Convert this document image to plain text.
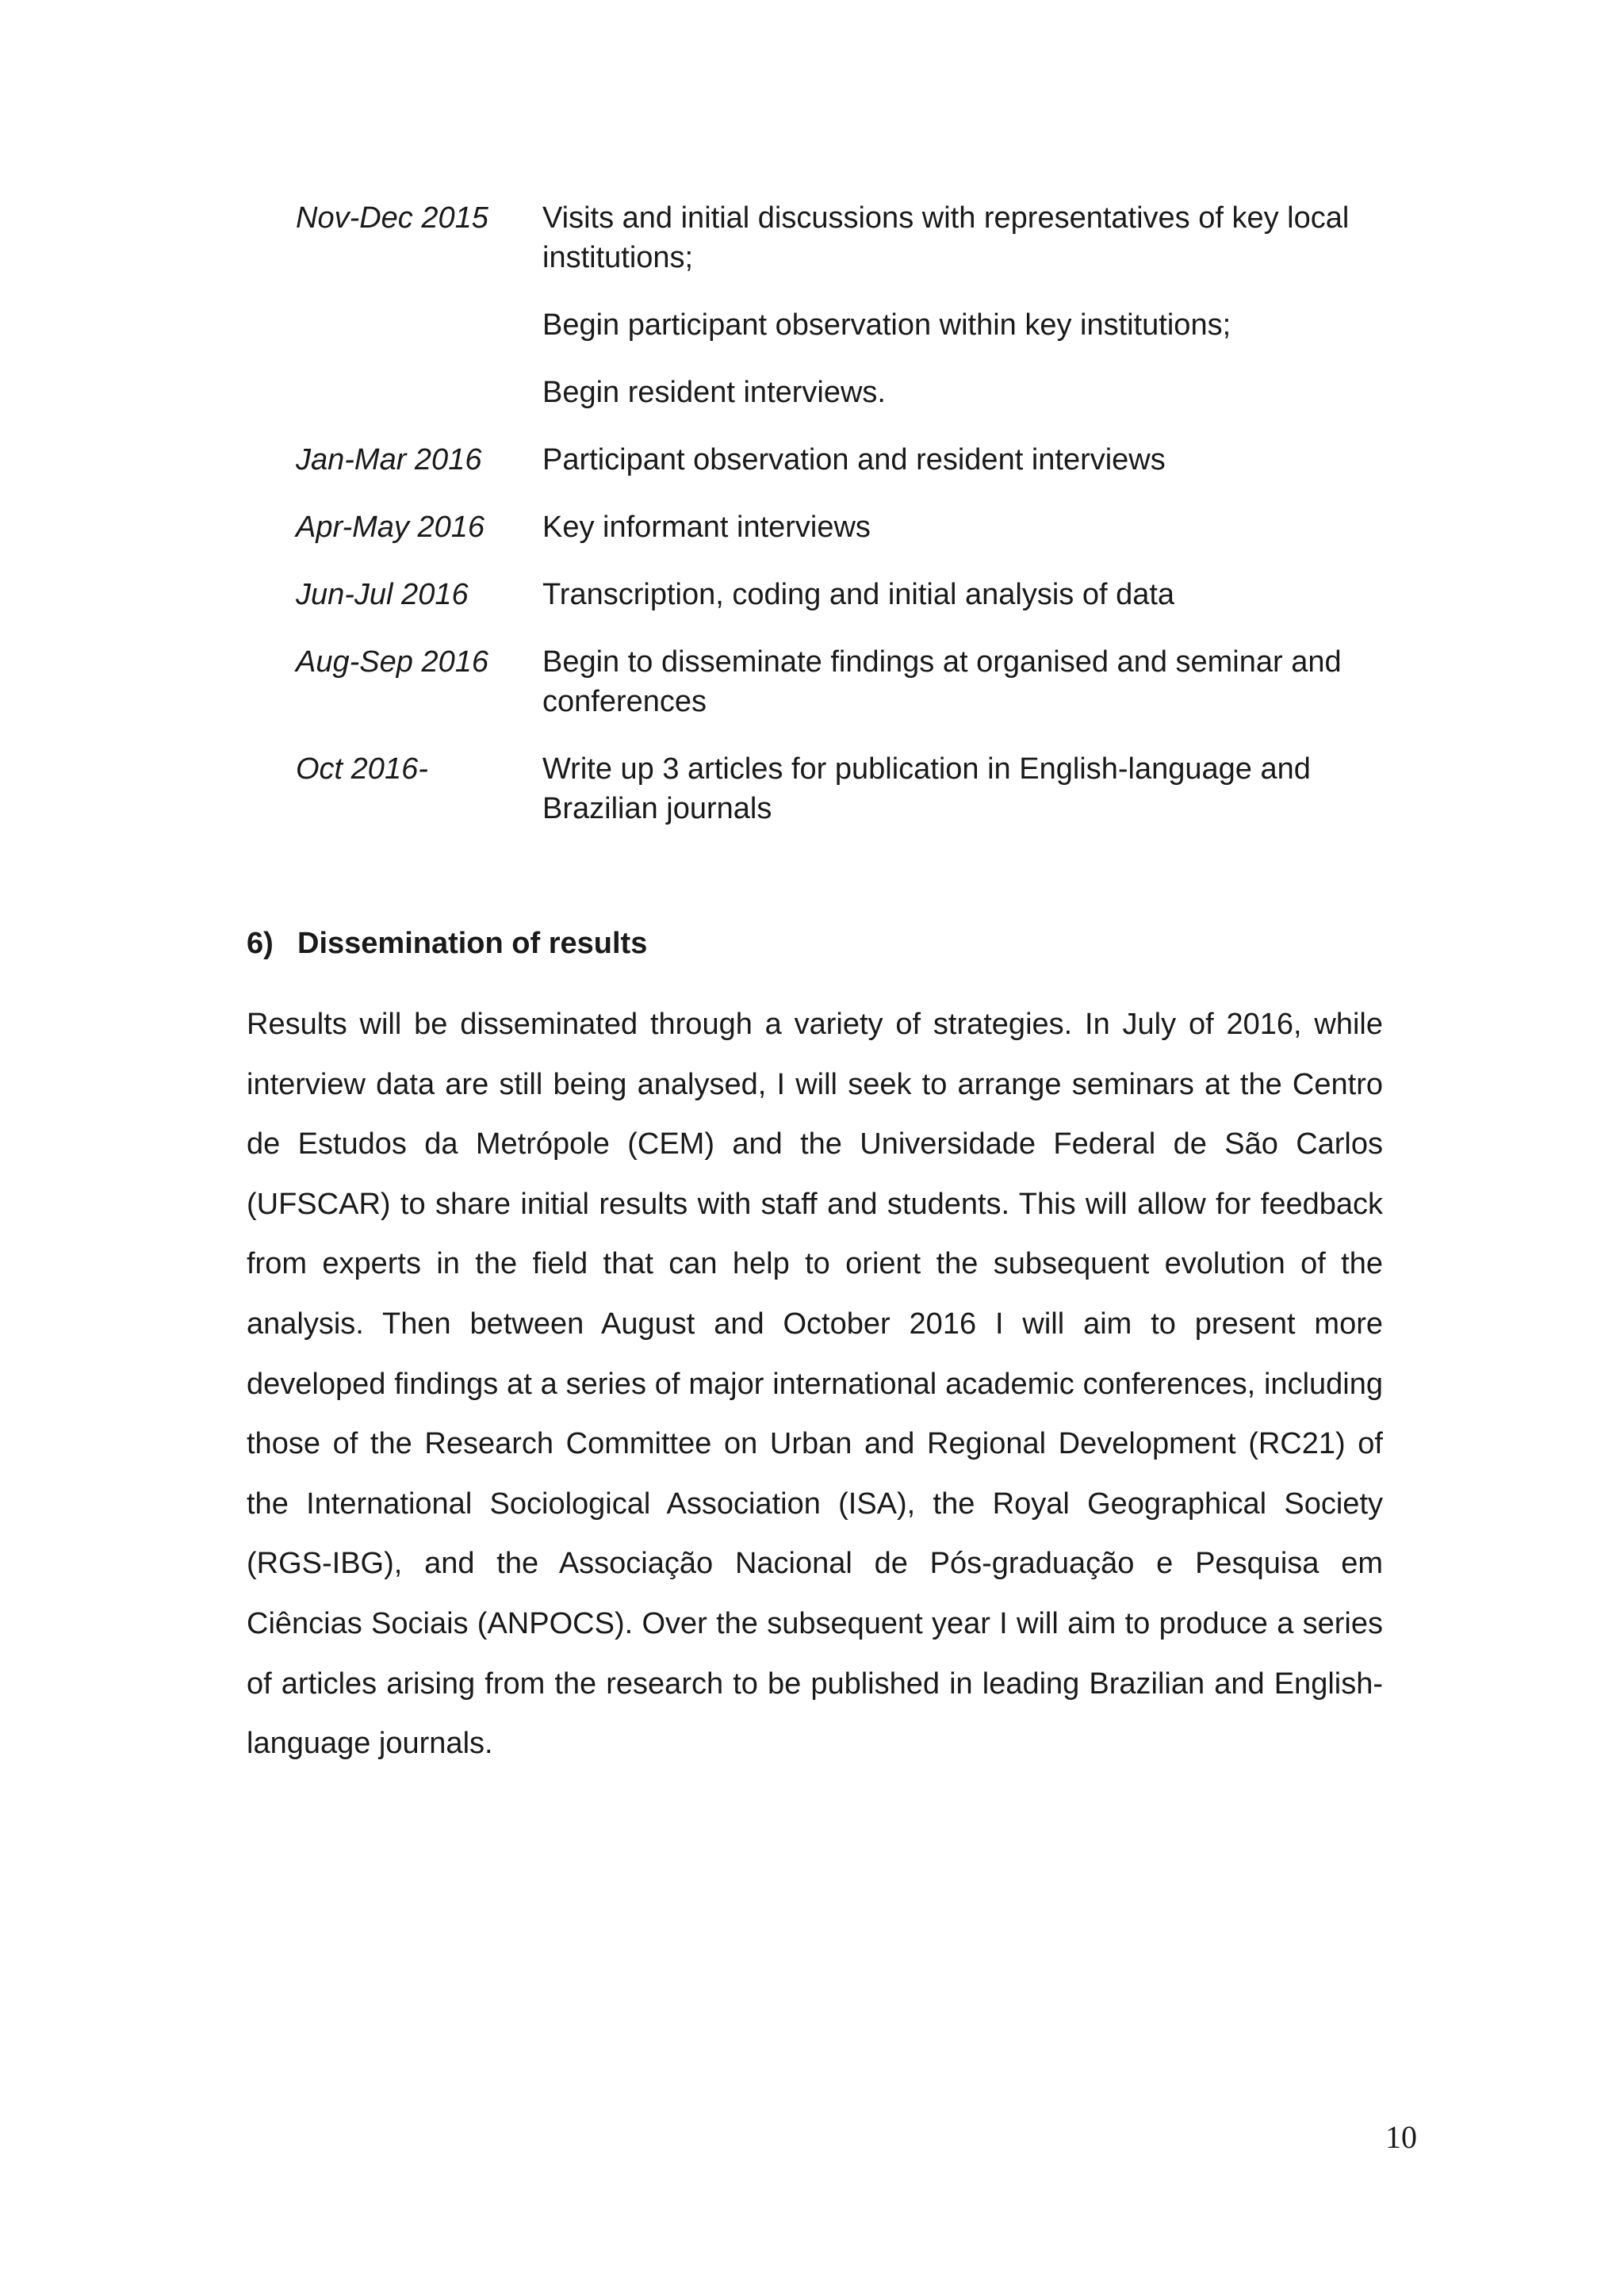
Nov-Dec 2015	Visits and initial discussions with representatives of key local institutions;

Begin participant observation within key institutions;

Begin resident interviews.

Jan-Mar 2016	Participant observation and resident interviews

Apr-May 2016	Key informant interviews

Jun-Jul 2016	Transcription, coding and initial analysis of data

Aug-Sep 2016	Begin to disseminate findings at organised and seminar and conferences

Oct 2016-	Write up 3 articles for publication in English-language and Brazilian journals

6) Dissemination of results

Results will be disseminated through a variety of strategies. In July of 2016, while interview data are still being analysed, I will seek to arrange seminars at the Centro de Estudos da Metrópole (CEM) and the Universidade Federal de São Carlos (UFSCAR) to share initial results with staff and students. This will allow for feedback from experts in the field that can help to orient the subsequent evolution of the analysis. Then between August and October 2016 I will aim to present more developed findings at a series of major international academic conferences, including those of the Research Committee on Urban and Regional Development (RC21) of the International Sociological Association (ISA), the Royal Geographical Society (RGS-IBG), and the Associação Nacional de Pós-graduação e Pesquisa em Ciências Sociais (ANPOCS). Over the subsequent year I will aim to produce a series of articles arising from the research to be published in leading Brazilian and English-language journals.

10
